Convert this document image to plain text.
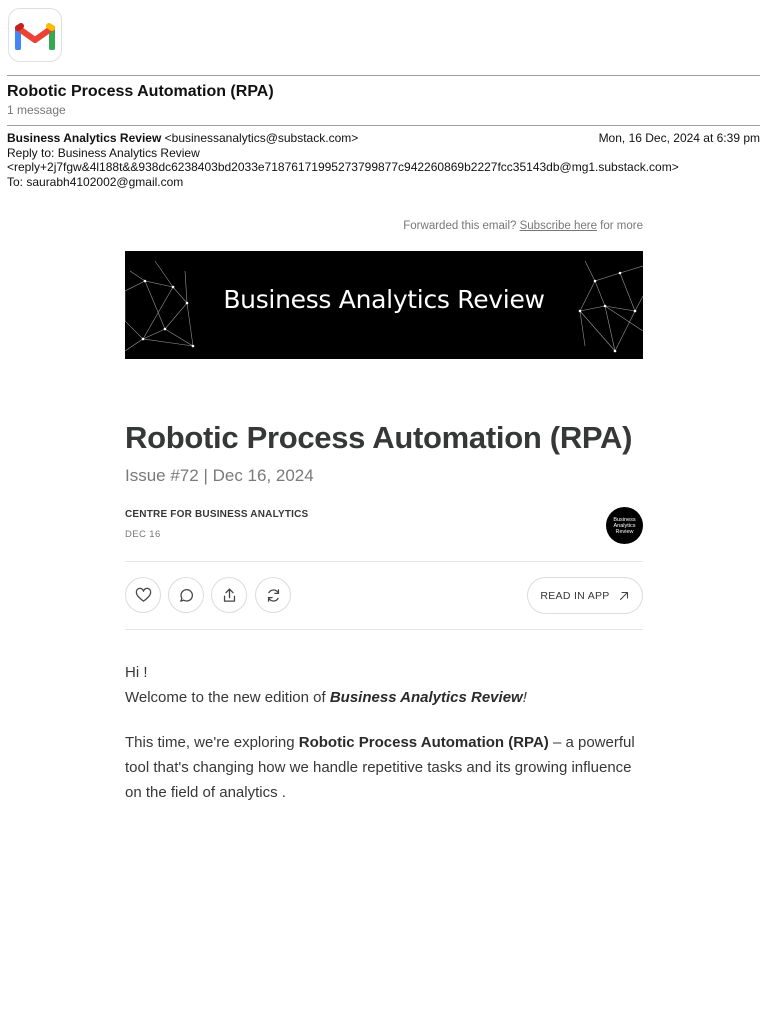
Robotic Process Automation (RPA)
1 message
Business Analytics Review <businessanalytics@substack.com>	Mon, 16 Dec, 2024 at 6:39 pm
Reply to: Business Analytics Review
<reply+2j7fgw&4l188t&&938dc6238403bd2033e71876171995273799877c942260869b2227fcc35143db@mg1.substack.com>
To: saurabh4102002@gmail.com
Forwarded this email? Subscribe here for more
Business Analytics Review
Robotic Process Automation (RPA)
Issue #72 | Dec 16, 2024
CENTRE FOR BUSINESS ANALYTICS
DEC 16
Business Analytics Review
READ IN APP
Hi !
Welcome to the new edition of Business Analytics Review!
This time, we're exploring Robotic Process Automation (RPA) – a powerful tool that's changing how we handle repetitive tasks and its growing influence on the field of analytics .
